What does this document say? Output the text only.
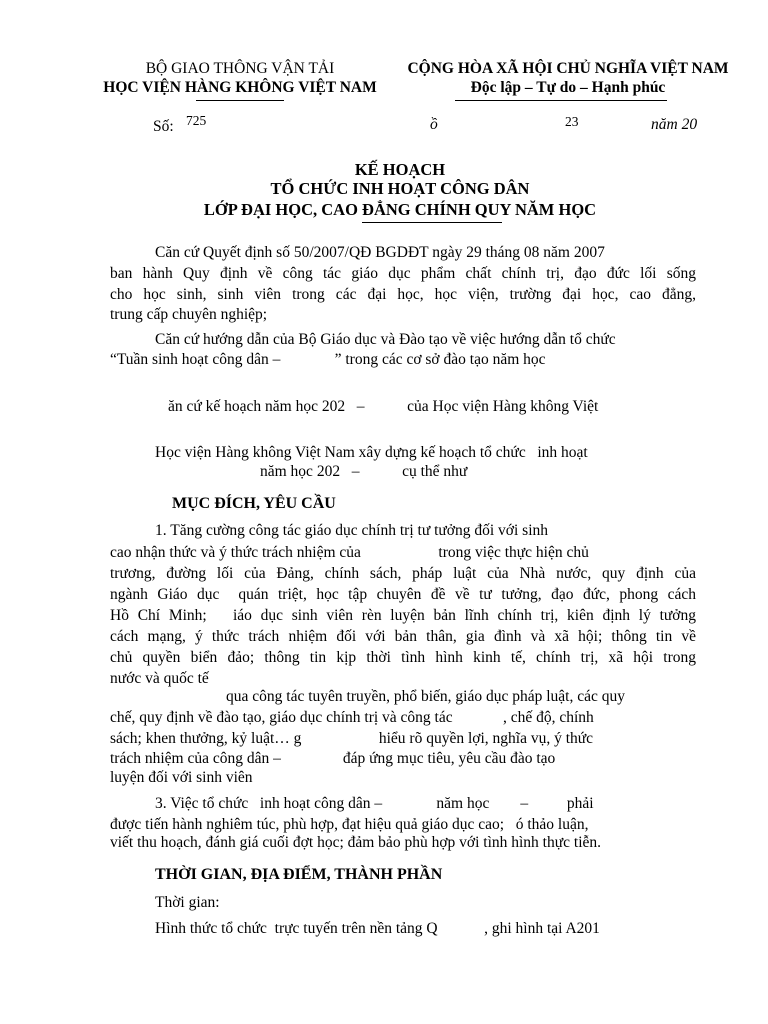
BỘ GIAO THÔNG VẬN TẢI
HỌC VIỆN HÀNG KHÔNG VIỆT NAM
CỘNG HÒA XÃ HỘI CHỦ NGHĨA VIỆT NAM
Độc lập – Tự do – Hạnh phúc
Số: 725	ồ	23	năm 20
KẾ HOẠCH
TỔ CHỨC INH HOẠT CÔNG DÂN
LỚP ĐẠI HỌC, CAO ĐẲNG CHÍNH QUY NĂM HỌC
Căn cứ Quyết định số 50/2007/QĐ BGDĐT ngày 29 tháng 08 năm 2007
ban hành Quy định về công tác giáo dục phẩm chất chính trị, đạo đức lối sống
cho học sinh, sinh viên trong các đại học, học viện, trường đại học, cao đẳng,
trung cấp chuyên nghiệp;
Căn cứ hướng dẫn của Bộ Giáo dục và Đào tạo về việc hướng dẫn tổ chức
“Tuần sinh hoạt công dân –              ” trong các cơ sở đào tạo năm học
ăn cứ kế hoạch năm học 202   –           của Học viện Hàng không Việt
Học viện Hàng không Việt Nam xây dựng kế hoạch tổ chức   inh hoạt
năm học 202   –           cụ thể như
MỤC ĐÍCH, YÊU CẦU
1. Tăng cường công tác giáo dục chính trị tư tưởng đối với sinh
cao nhận thức và ý thức trách nhiệm của                    trong việc thực hiện chủ
trương, đường lối của Đảng, chính sách, pháp luật của Nhà nước, quy định của
ngành Giáo dục  quán triệt, học tập chuyên đề về tư tưởng, đạo đức, phong cách
Hồ Chí Minh;   iáo dục sinh viên rèn luyện bản lĩnh chính trị, kiên định lý tưởng
cách mạng, ý thức trách nhiệm đối với bản thân, gia đình và xã hội; thông tin về
chủ quyền biển đảo; thông tin kịp thời tình hình kinh tế, chính trị, xã hội trong
nước và quốc tế
qua công tác tuyên truyền, phổ biến, giáo dục pháp luật, các quy
chế, quy định về đào tạo, giáo dục chính trị và công tác             , chế độ, chính
sách; khen thưởng, kỷ luật… g                    hiểu rõ quyền lợi, nghĩa vụ, ý thức
trách nhiệm của công dân –                đáp ứng mục tiêu, yêu cầu đào tạo
luyện đối với sinh viên
3. Việc tổ chức   inh hoạt công dân –              năm học        –          phải
được tiến hành nghiêm túc, phù hợp, đạt hiệu quả giáo dục cao;   ó thảo luận,
viết thu hoạch, đánh giá cuối đợt học; đảm bảo phù hợp với tình hình thực tiễn.
THỜI GIAN, ĐỊA ĐIỂM, THÀNH PHẦN
Thời gian:
Hình thức tổ chức  trực tuyến trên nền tảng Q            , ghi hình tại A201
